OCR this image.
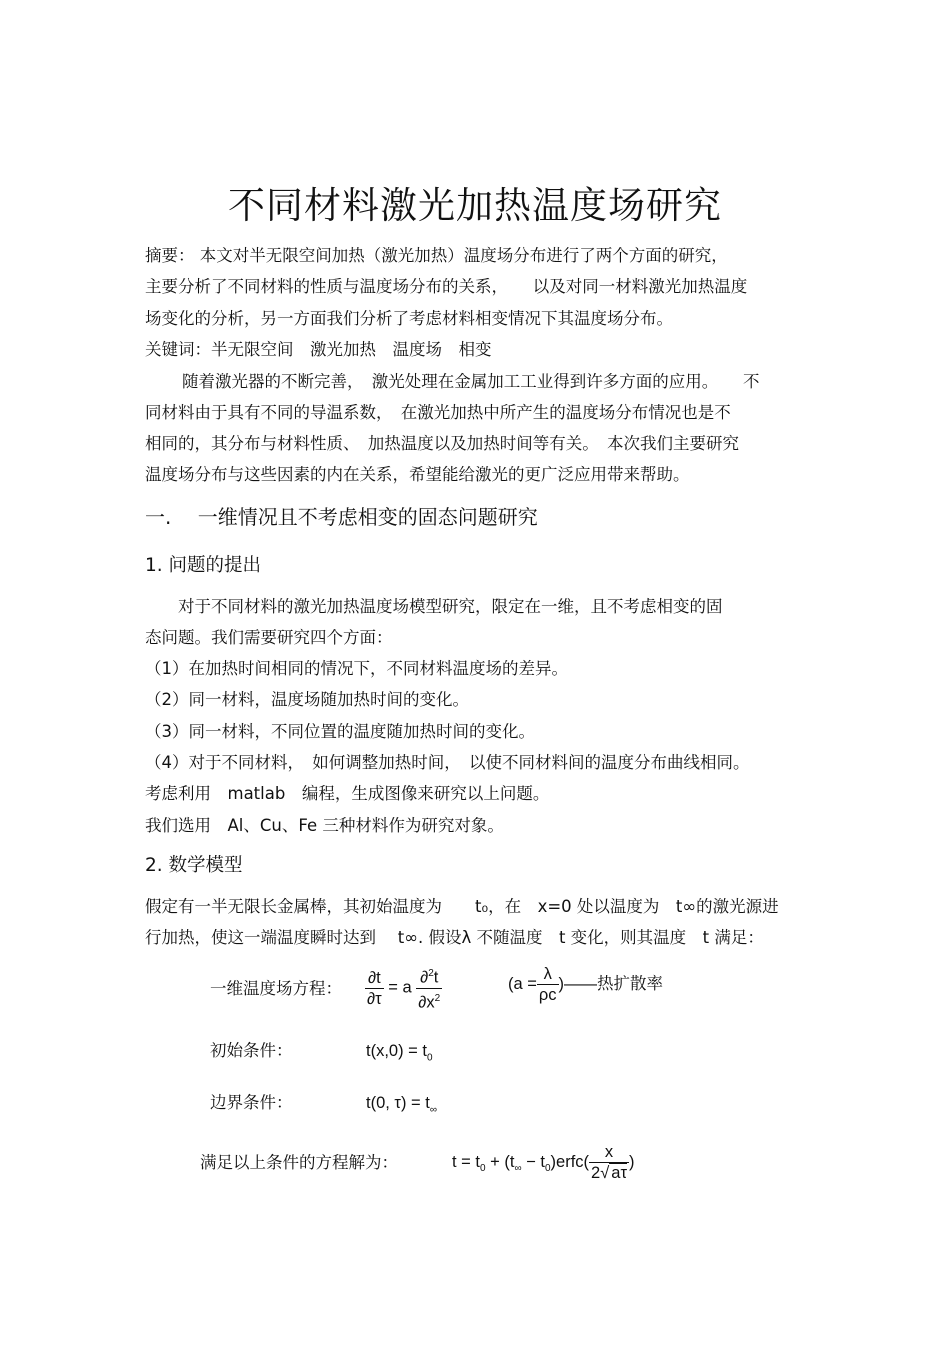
不同材料激光加热温度场研究
摘要： 本文对半无限空间加热（激光加热）温度场分布进行了两个方面的研究，
主要分析了不同材料的性质与温度场分布的关系，　　以及对同一材料激光加热温度
场变化的分析，另一方面我们分析了考虑材料相变情况下其温度场分布。
关键词：半无限空间　激光加热　温度场　相变
随着激光器的不断完善，　激光处理在金属加工工业得到许多方面的应用。　　不
同材料由于具有不同的导温系数，　在激光加热中所产生的温度场分布情况也是不
相同的，其分布与材料性质、　加热温度以及加热时间等有关。　本次我们主要研究
温度场分布与这些因素的内在关系，希望能给激光的更广泛应用带来帮助。
一.　 一维情况且不考虑相变的固态问题研究
1. 问题的提出
对于不同材料的激光加热温度场模型研究，限定在一维，且不考虑相变的固
态问题。我们需要研究四个方面：
（1）在加热时间相同的情况下，不同材料温度场的差异。
（2）同一材料，温度场随加热时间的变化。
（3）同一材料，不同位置的温度随加热时间的变化。
（4）对于不同材料，　如何调整加热时间，　以使不同材料间的温度分布曲线相同。
考虑利用　matlab　编程，生成图像来研究以上问题。
我们选用　Al、Cu、Fe 三种材料作为研究对象。
2. 数学模型
假定有一半无限长金属棒，其初始温度为　　t₀，在　x=0 处以温度为　t∞的激光源进
行加热，使这一端温度瞬时达到　 t∞. 假设λ 不随温度　t 变化，则其温度　t 满足：
一维温度场方程： $\frac{\partial t}{\partial\tau} = a \frac{\partial^2t}{\partial x^2}$	($a = \frac{\lambda}{\rho c}$ )——热扩散率
初始条件：	$t(x,0) = t_0$
边界条件：	t(0, $\tau) = t_\infty$
满足以上条件的方程解为：	$t = t_0 + (t_\infty$ − $t_0)erfc( \frac{x}{2√ a\tau}$ )
